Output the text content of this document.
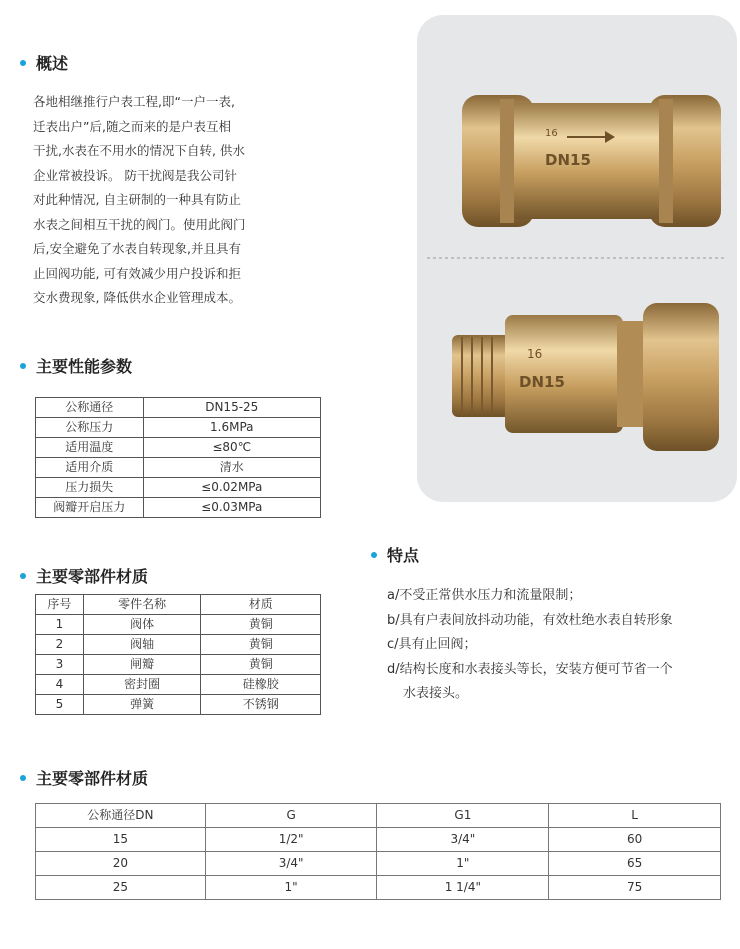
概述
各地相继推行户表工程,即“一户一表,
迁表出户”后,随之而来的是户表互相
干扰,水表在不用水的情况下自转, 供水
企业常被投诉。 防干扰阀是我公司针
对此种情况, 自主研制的一种具有防止
水表之间相互干扰的阀门。使用此阀门
后,安全避免了水表自转现象,并且具有
止回阀功能, 可有效减少用户投诉和拒
交水费现象, 降低供水企业管理成本。
主要性能参数
公称通径	DN15-25
公称压力	1.6MPa
适用温度	≤80℃
适用介质	清水
压力损失	≤0.02MPa
阀瓣开启压力	≤0.03MPa
16
DN15
16
DN15
主要零部件材质
序号	零件名称	材质
1	阀体	黄铜
2	阀轴	黄铜
3	闸瓣	黄铜
4	密封圈	硅橡胶
5	弹簧	不锈钢
特点
a/不受正常供水压力和流量限制；
b/具有户表间放抖动功能，有效杜绝水表自转形象
c/具有止回阀；
d/结构长度和水表接头等长，安装方便可节省一个
水表接头。
主要零部件材质
公称通径DN	G	G1	L
15	1/2"	3/4"	60
20	3/4"	1"	65
25	1"	1 1/4"	75
